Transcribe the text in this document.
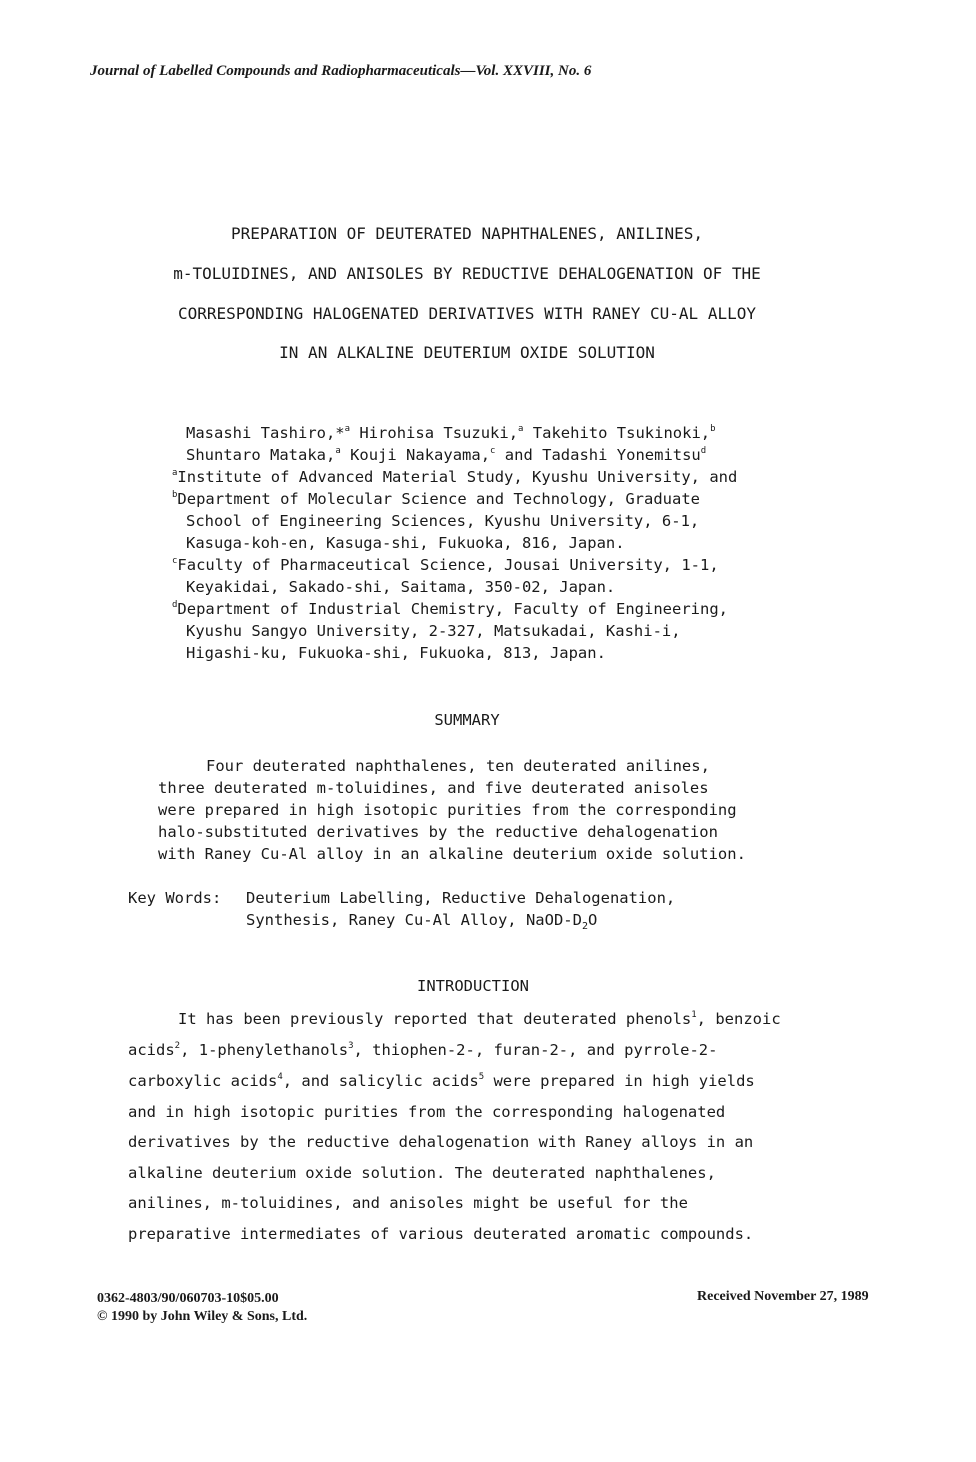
Journal of Labelled Compounds and Radiopharmaceuticals—Vol. XXVIII, No. 6
PREPARATION OF DEUTERATED NAPHTHALENES, ANILINES,
m-TOLUIDINES, AND ANISOLES BY REDUCTIVE DEHALOGENATION OF THE
CORRESPONDING HALOGENATED DERIVATIVES WITH RANEY CU-AL ALLOY
IN AN ALKALINE DEUTERIUM OXIDE SOLUTION
Masashi Tashiro,*$^a$ Hirohisa Tsuzuki,$^a$ Takehito Tsukinoki,$^b$
Shuntaro Mataka,$^a$ Kouji Nakayama,$^c$ and Tadashi Yonemitsu$^d$
$^a$Institute of Advanced Material Study, Kyushu University, and
$^b$Department of Molecular Science and Technology, Graduate
School of Engineering Sciences, Kyushu University, 6-1,
Kasuga-koh-en, Kasuga-shi, Fukuoka, 816, Japan.
$^c$Faculty of Pharmaceutical Science, Jousai University, 1-1,
Keyakidai, Sakado-shi, Saitama, 350-02, Japan.
$^d$Department of Industrial Chemistry, Faculty of Engineering,
Kyushu Sangyo University, 2-327, Matsukadai, Kashi-i,
Higashi-ku, Fukuoka-shi, Fukuoka, 813, Japan.
SUMMARY
Four deuterated naphthalenes, ten deuterated anilines,
three deuterated m-toluidines, and five deuterated anisoles
were prepared in high isotopic purities from the corresponding
halo-substituted derivatives by the reductive dehalogenation
with Raney Cu-Al alloy in an alkaline deuterium oxide solution.
Key Words: Deuterium Labelling, Reductive Dehalogenation,
Synthesis, Raney Cu-Al Alloy, NaOD-$D_2O$
INTRODUCTION
It has been previously reported that deuterated phenols$^1$, benzoic
acids$^2$, 1-phenylethanols$^3$, thiophen-2-, furan-2-, and pyrrole-2-
carboxylic acids$^4$, and salicylic acids$^5$ were prepared in high yields
and in high isotopic purities from the corresponding halogenated
derivatives by the reductive dehalogenation with Raney alloys in an
alkaline deuterium oxide solution. The deuterated naphthalenes,
anilines, m-toluidines, and anisoles might be useful for the
preparative intermediates of various deuterated aromatic compounds.
0362-4803/90/060703-10$05.00
© 1990 by John Wiley & Sons, Ltd.
Received November 27, 1989
